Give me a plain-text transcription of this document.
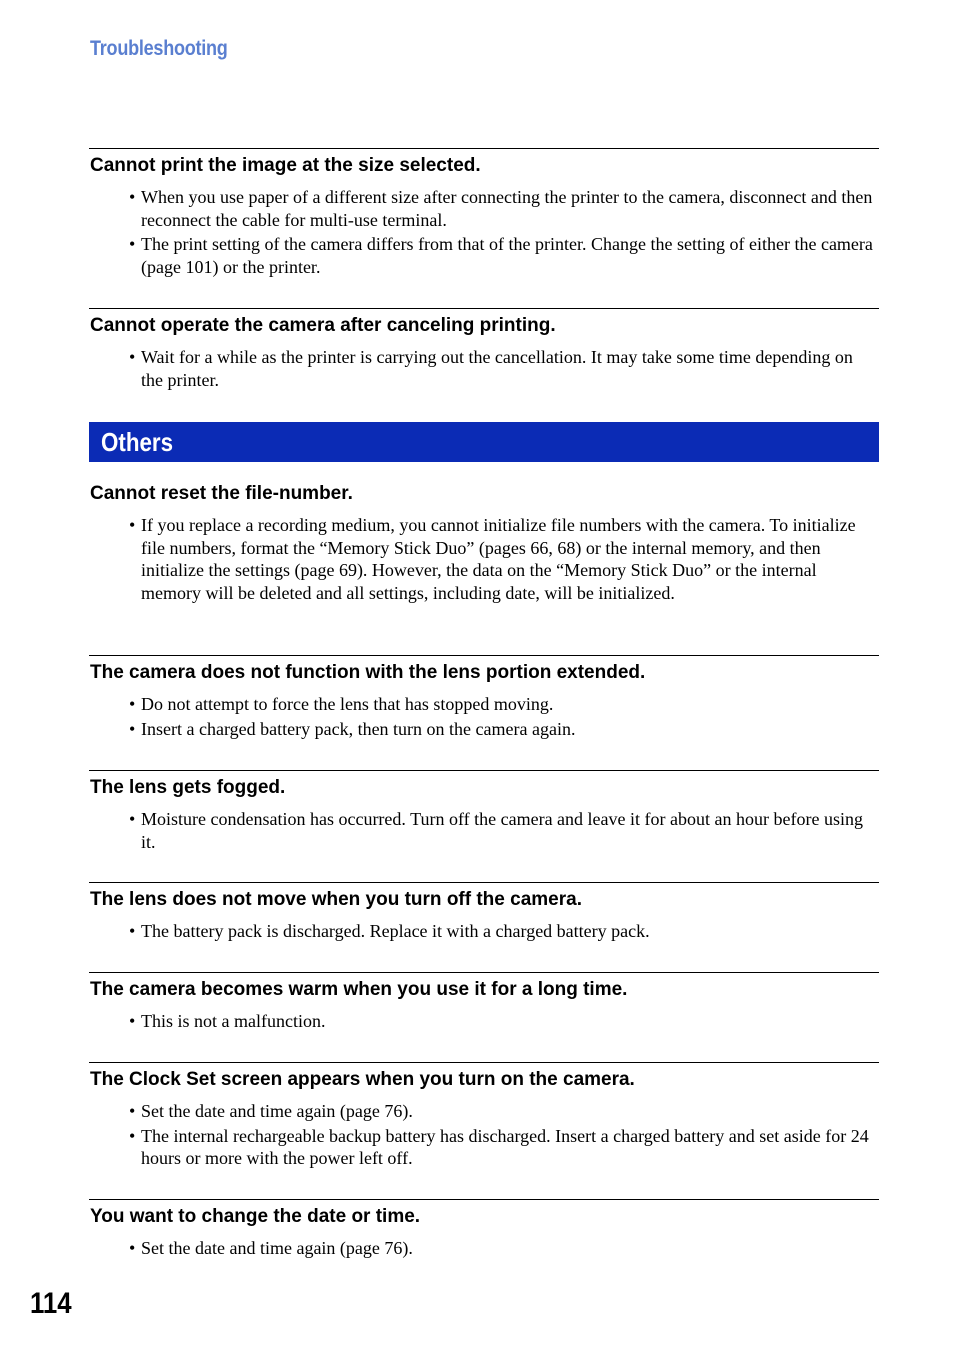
Troubleshooting
Cannot print the image at the size selected.
• When you use paper of a different size after connecting the printer to the camera, disconnect and then reconnect the cable for multi-use terminal.
• The print setting of the camera differs from that of the printer. Change the setting of either the camera (page 101) or the printer.
Cannot operate the camera after canceling printing.
• Wait for a while as the printer is carrying out the cancellation. It may take some time depending on the printer.
Others
Cannot reset the file-number.
• If you replace a recording medium, you cannot initialize file numbers with the camera. To initialize file numbers, format the “Memory Stick Duo” (pages 66, 68) or the internal memory, and then initialize the settings (page 69). However, the data on the “Memory Stick Duo” or the internal memory will be deleted and all settings, including date, will be initialized.
The camera does not function with the lens portion extended.
• Do not attempt to force the lens that has stopped moving.
• Insert a charged battery pack, then turn on the camera again.
The lens gets fogged.
• Moisture condensation has occurred. Turn off the camera and leave it for about an hour before using it.
The lens does not move when you turn off the camera.
• The battery pack is discharged. Replace it with a charged battery pack.
The camera becomes warm when you use it for a long time.
• This is not a malfunction.
The Clock Set screen appears when you turn on the camera.
• Set the date and time again (page 76).
• The internal rechargeable backup battery has discharged. Insert a charged battery and set aside for 24 hours or more with the power left off.
You want to change the date or time.
• Set the date and time again (page 76).
114
